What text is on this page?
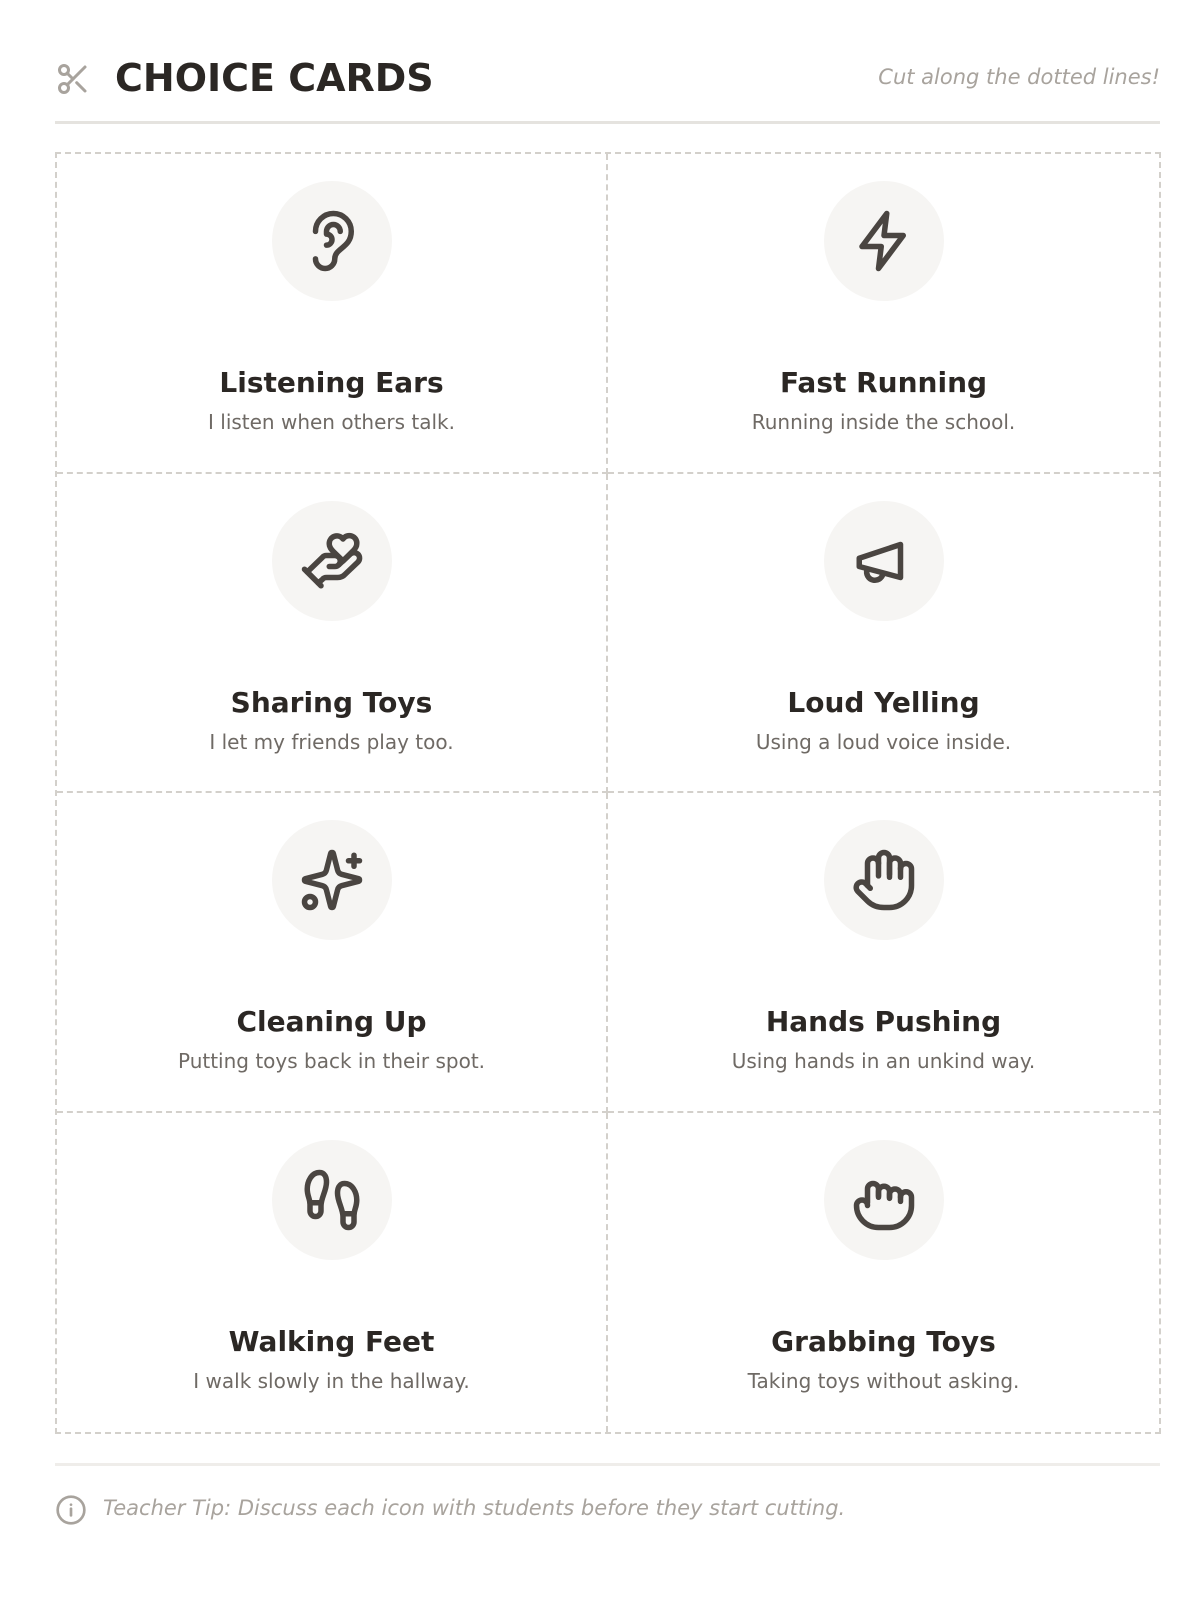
CHOICE CARDS	Cut along the dotted lines!
Listening Ears
I listen when others talk.
Fast Running
Running inside the school.
Sharing Toys
I let my friends play too.
Loud Yelling
Using a loud voice inside.
Cleaning Up
Putting toys back in their spot.
Hands Pushing
Using hands in an unkind way.
Walking Feet
I walk slowly in the hallway.
Grabbing Toys
Taking toys without asking.
Teacher Tip: Discuss each icon with students before they start cutting.
